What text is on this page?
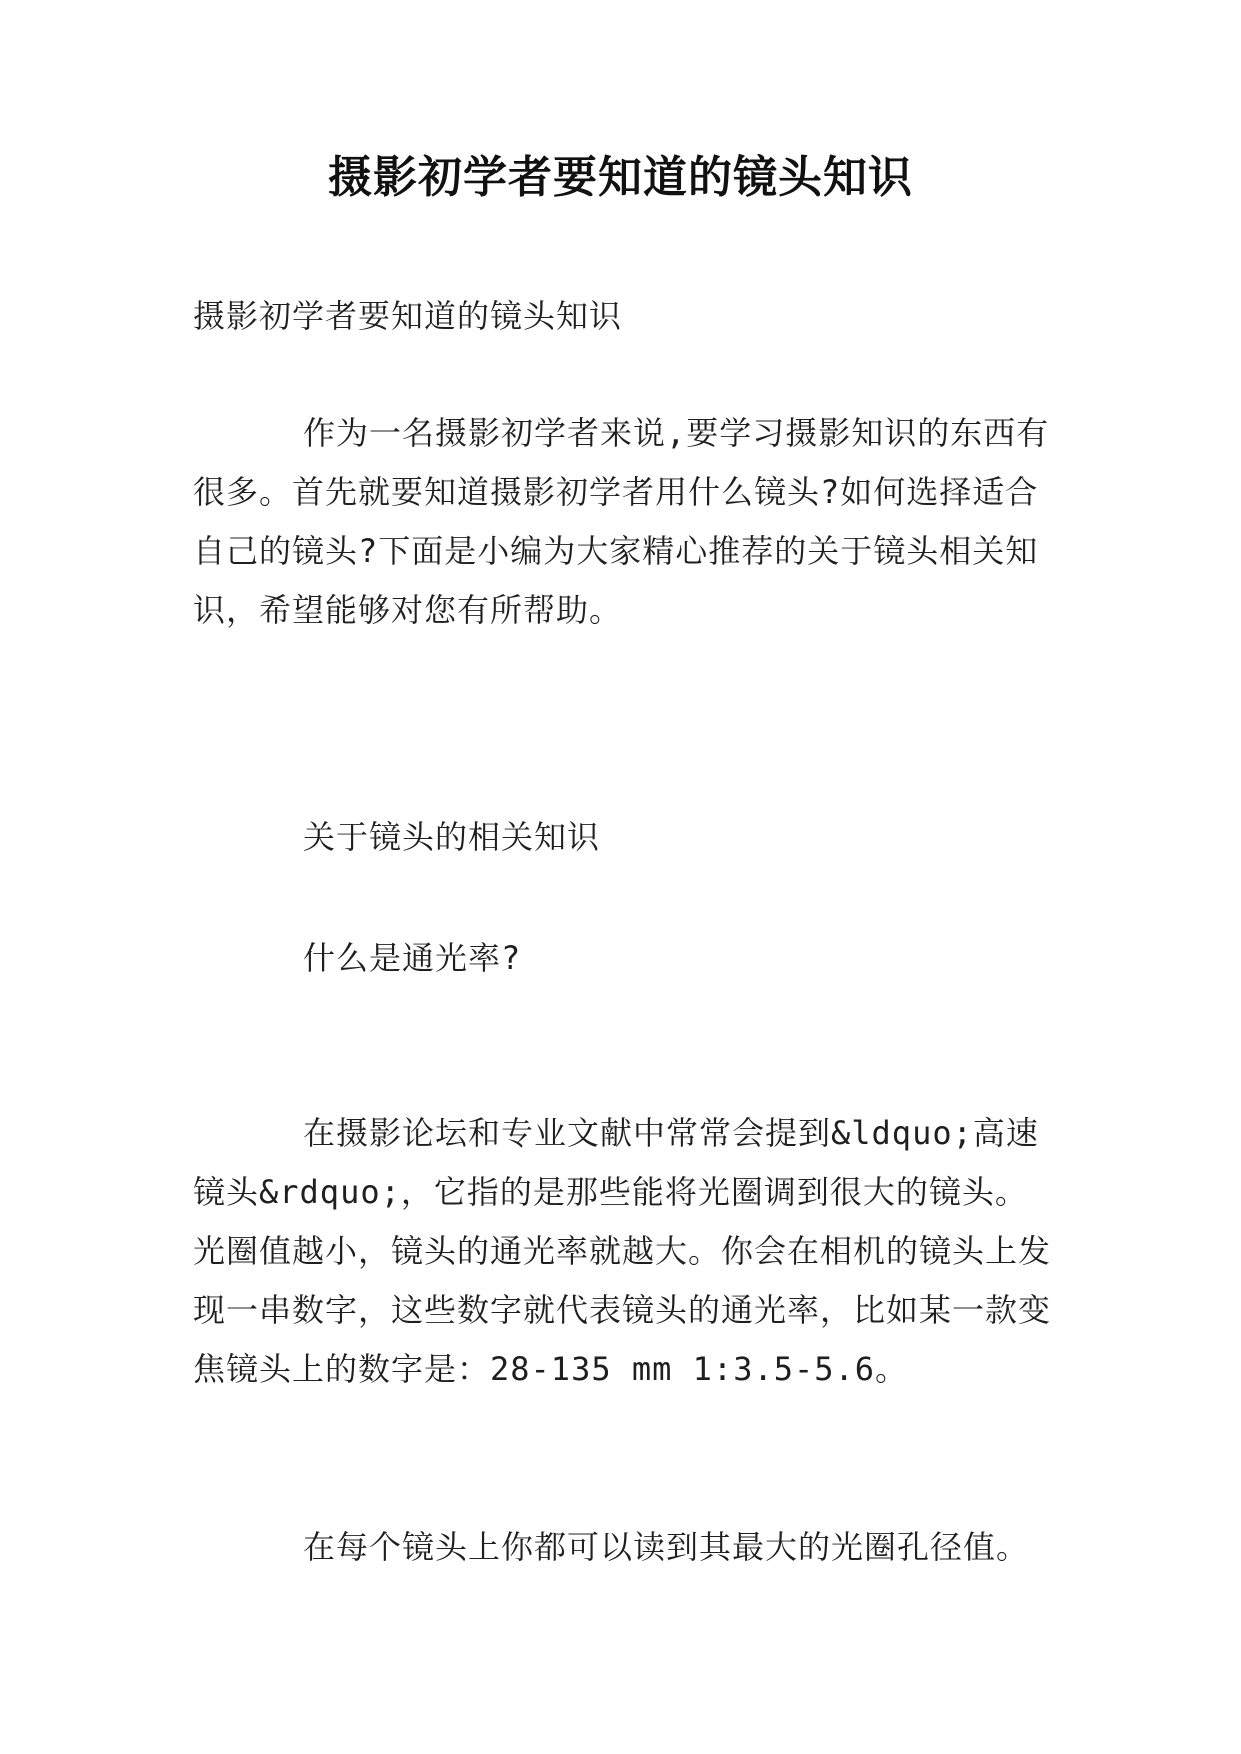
摄影初学者要知道的镜头知识

摄影初学者要知道的镜头知识

作为一名摄影初学者来说,要学习摄影知识的东西有很多。首先就要知道摄影初学者用什么镜头?如何选择适合自己的镜头?下面是小编为大家精心推荐的关于镜头相关知识，希望能够对您有所帮助。

关于镜头的相关知识

什么是通光率?

在摄影论坛和专业文献中常常会提到&ldquo;高速镜头&rdquo;，它指的是那些能将光圈调到很大的镜头。光圈值越小，镜头的通光率就越大。你会在相机的镜头上发现一串数字，这些数字就代表镜头的通光率，比如某一款变焦镜头上的数字是：28-135 mm 1:3.5-5.6。

在每个镜头上你都可以读到其最大的光圈孔径值。
